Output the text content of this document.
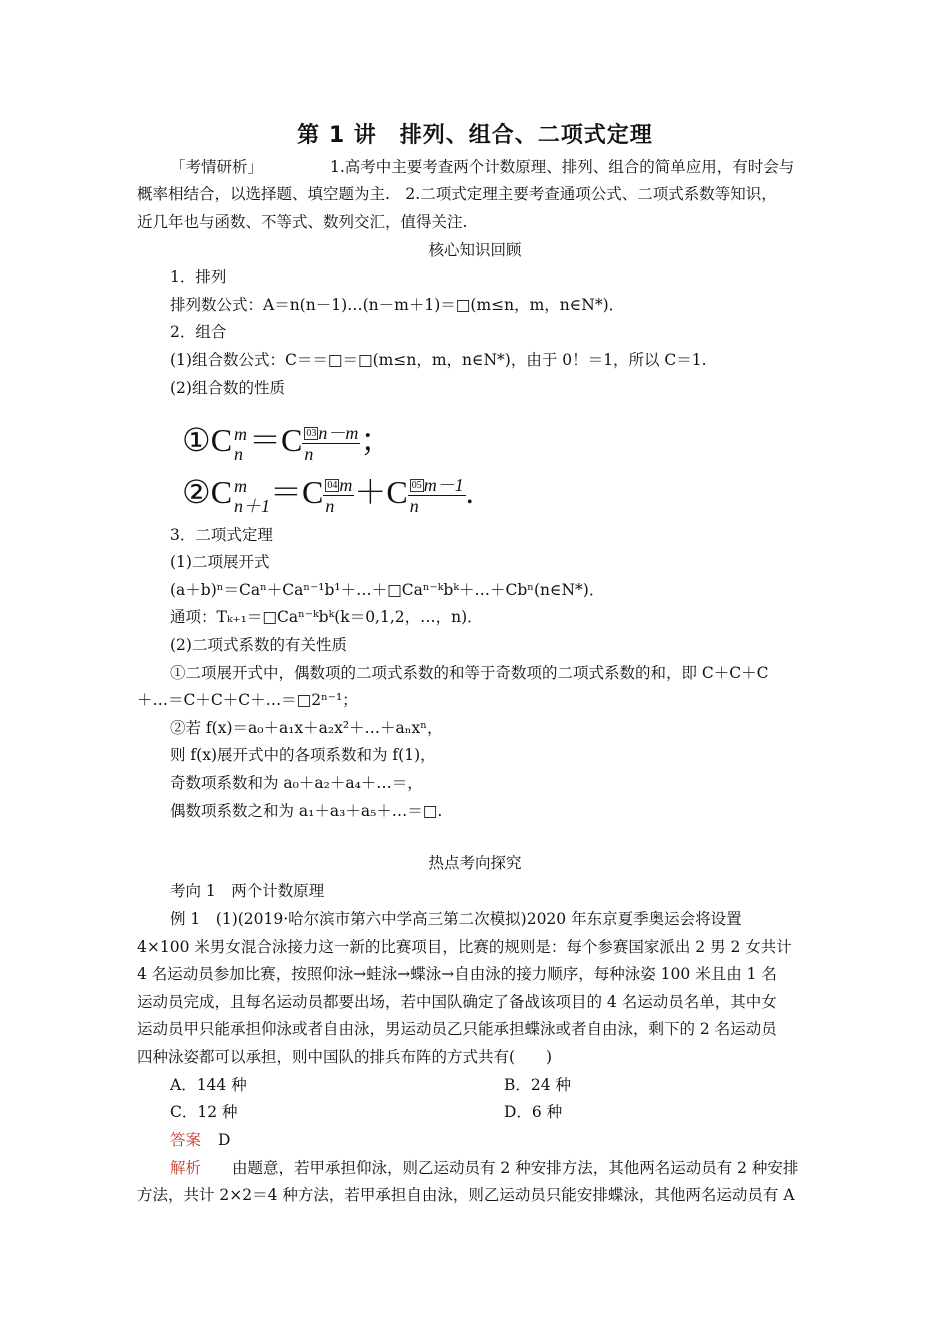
第 1 讲　排列、组合、二项式定理
「考情研析」	1.高考中主要考查两个计数原理、排列、组合的简单应用，有时会与
概率相结合，以选择题、填空题为主.　2.二项式定理主要考查通项公式、二项式系数等知识，
近几年也与函数、不等式、数列交汇，值得关注.
核心知识回顾
1．排列
排列数公式：A＝n(n－1)…(n－m＋1)＝□(m≤n，m，n∈N*)．
2．组合
(1)组合数公式：C＝＝□＝□(m≤n，m，n∈N*)，由于 0！＝1，所以 C＝1.
(2)组合数的性质
①C m
$n =C \frac{03 n-m}{n}$ ；
②C m
$n+1 =C \frac{04 m}{n} +C \frac{05 m-1}{n}$ .
3．二项式定理
(1)二项展开式
(a＋b)ⁿ＝Caⁿ＋Caⁿ⁻¹b¹＋…＋□Caⁿ⁻ᵏbᵏ＋…＋Cbⁿ(n∈N*)．
通项：Tₖ₊₁＝□Caⁿ⁻ᵏbᵏ(k＝0,1,2，…，n)．
(2)二项式系数的有关性质
①二项展开式中，偶数项的二项式系数的和等于奇数项的二项式系数的和，即 C＋C＋C
＋…＝C＋C＋C＋…＝□2ⁿ⁻¹；
②若 f(x)＝a₀＋a₁x＋a₂x²＋…＋aₙxⁿ，
则 f(x)展开式中的各项系数和为 f(1)，
奇数项系数和为 a₀＋a₂＋a₄＋…＝，
偶数项系数之和为 a₁＋a₃＋a₅＋…＝□.
热点考向探究
考向 1　两个计数原理
例 1　(1)(2019·哈尔滨市第六中学高三第二次模拟)2020 年东京夏季奥运会将设置
4×100 米男女混合泳接力这一新的比赛项目，比赛的规则是：每个参赛国家派出 2 男 2 女共计
4 名运动员参加比赛，按照仰泳→蛙泳→蝶泳→自由泳的接力顺序，每种泳姿 100 米且由 1 名
运动员完成，且每名运动员都要出场，若中国队确定了备战该项目的 4 名运动员名单，其中女
运动员甲只能承担仰泳或者自由泳，男运动员乙只能承担蝶泳或者自由泳，剩下的 2 名运动员
四种泳姿都可以承担，则中国队的排兵布阵的方式共有(　　)
A．144 种	B．24 种
C．12 种	D．6 种
答案 D
解析 由题意，若甲承担仰泳，则乙运动员有 2 种安排方法，其他两名运动员有 2 种安排
方法，共计 2×2＝4 种方法，若甲承担自由泳，则乙运动员只能安排蝶泳，其他两名运动员有 A
